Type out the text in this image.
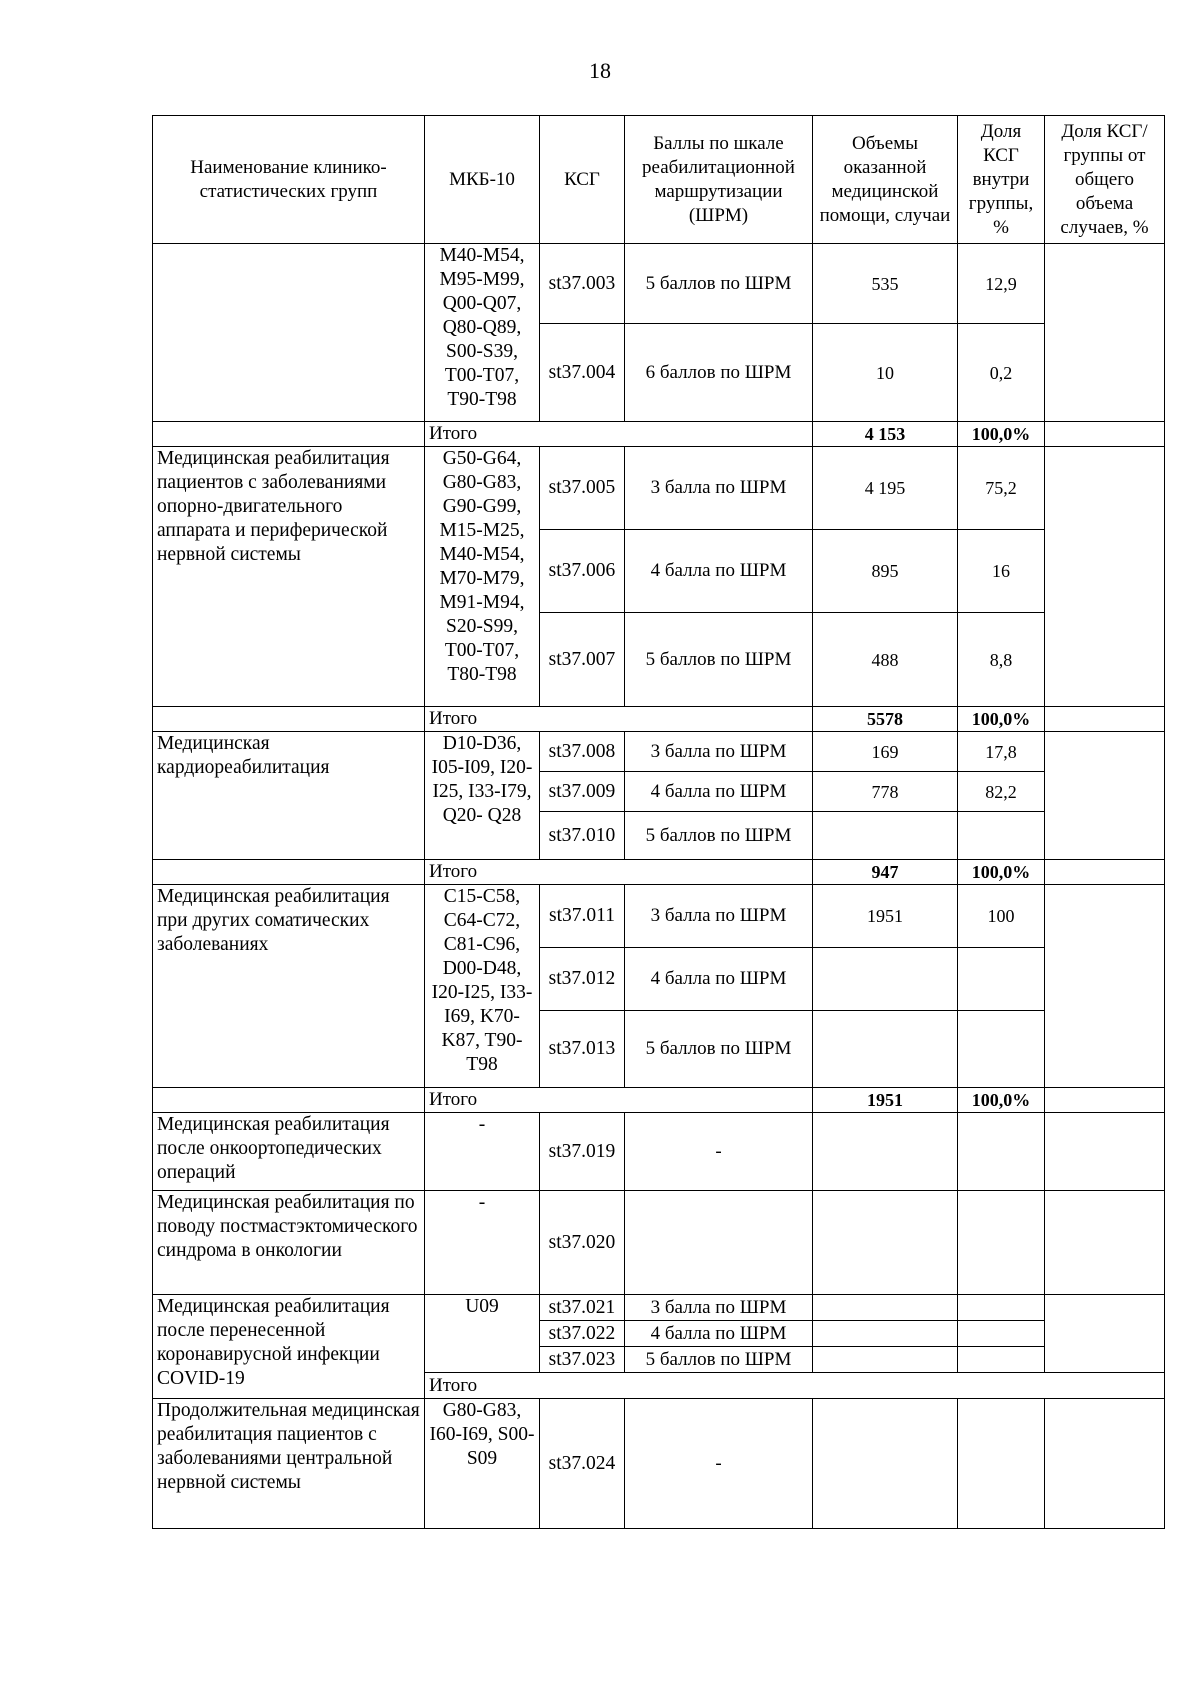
18
Наименование клинико-статистических групп	МКБ-10	КСГ	Баллы по шкале реабилитационной маршрутизации (ШРМ)	Объемы оказанной медицинской помощи, случаи	Доля КСГ внутри группы, %	Доля КСГ/ группы от общего объема случаев, %
	M40-M54, M95-M99, Q00-Q07, Q80-Q89, S00-S39, T00-T07, T90-T98	st37.003	5 баллов по ШРМ	535	12,9	
		st37.004	6 баллов по ШРМ	10	0,2	
	Итого			4 153	100,0%	
Медицинская реабилитация пациентов с заболеваниями опорно-двигательного аппарата и периферической нервной системы	G50-G64, G80-G83, G90-G99, M15-M25, M40-M54, M70-M79, M91-M94, S20-S99, T00-T07, T80-T98	st37.005	3 балла по ШРМ	4 195	75,2	
		st37.006	4 балла по ШРМ	895	16	
		st37.007	5 баллов по ШРМ	488	8,8	
	Итого			5578	100,0%	
Медицинская кардиореабилитация	D10-D36, I05-I09, I20-I25, I33-I79, Q20- Q28	st37.008	3 балла по ШРМ	169	17,8	
		st37.009	4 балла по ШРМ	778	82,2	
		st37.010	5 баллов по ШРМ			
	Итого			947	100,0%	
Медицинская реабилитация при других соматических заболеваниях	C15-C58, C64-C72, C81-C96, D00-D48, I20-I25, I33-I69, K70-K87, T90-T98	st37.011	3 балла по ШРМ	1951	100	
		st37.012	4 балла по ШРМ			
		st37.013	5 баллов по ШРМ			
	Итого			1951	100,0%	
Медицинская реабилитация после онкоортопедических операций	-	st37.019	-			
Медицинская реабилитация по поводу постмастэктомического синдрома в онкологии	-	st37.020				
Медицинская реабилитация после перенесенной коронавирусной инфекции COVID-19	U09	st37.021	3 балла по ШРМ			
		st37.022	4 балла по ШРМ			
		st37.023	5 баллов по ШРМ			
	Итого					
Продолжительная медицинская реабилитация пациентов с заболеваниями центральной нервной системы	G80-G83, I60-I69, S00-S09	st37.024	-			
